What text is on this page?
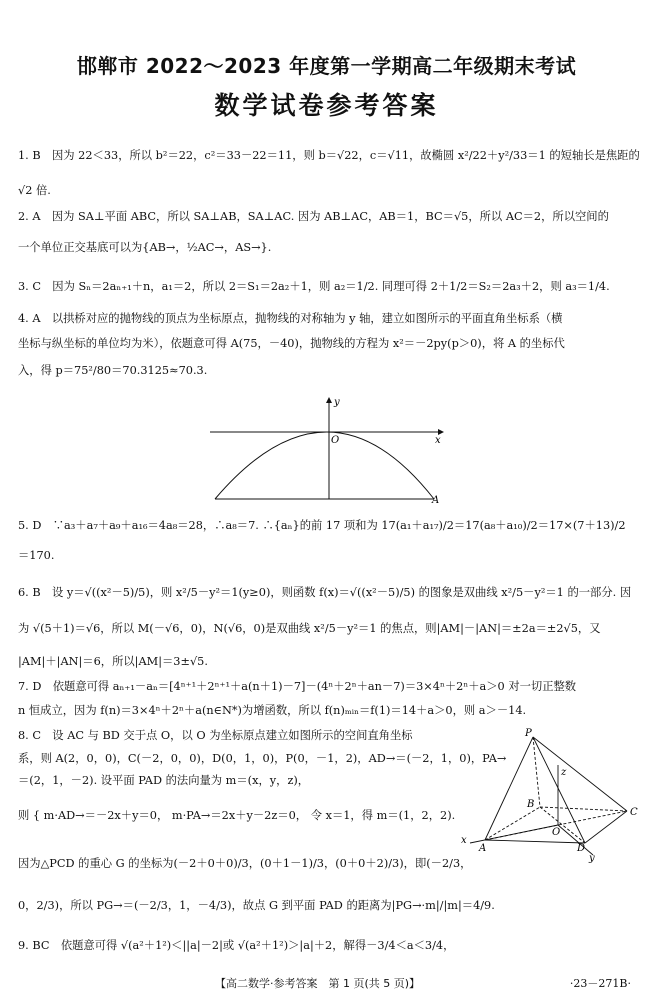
邯郸市 2022～2023 年度第一学期高二年级期末考试
数学试卷参考答案
1. B　因为 22＜33，所以 b²＝22，c²＝33－22＝11，则 b＝√22，c＝√11，故椭圆 x²/22＋y²/33＝1 的短轴长是焦距的
√2 倍.
2. A　因为 SA⊥平面 ABC，所以 SA⊥AB，SA⊥AC. 因为 AB⊥AC，AB＝1，BC＝√5，所以 AC＝2，所以空间的
一个单位正交基底可以为{AB→，½AC→，AS→}.
3. C　因为 Sₙ＝2aₙ₊₁＋n，a₁＝2，所以 2＝S₁＝2a₂＋1，则 a₂＝1/2. 同理可得 2＋1/2＝S₂＝2a₃＋2，则 a₃＝1/4.
4. A　以拱桥对应的抛物线的顶点为坐标原点，抛物线的对称轴为 y 轴，建立如图所示的平面直角坐标系（横
坐标与纵坐标的单位均为米），依题意可得 A(75，－40)，抛物线的方程为 x²＝－2py(p＞0)，将 A 的坐标代
入，得 p＝75²/80＝70.3125≈70.3.
y
x
O
A
5. D　∵a₃＋a₇＋a₉＋a₁₆＝4a₈＝28，∴a₈＝7. ∴{aₙ}的前 17 项和为 17(a₁＋a₁₇)/2＝17(a₈＋a₁₀)/2＝17×(7＋13)/2
＝170.
6. B　设 y＝√((x²－5)/5)，则 x²/5－y²＝1(y≥0)，则函数 f(x)＝√((x²－5)/5) 的图象是双曲线 x²/5－y²＝1 的一部分. 因
为 √(5＋1)＝√6，所以 M(－√6，0)，N(√6，0)是双曲线 x²/5－y²＝1 的焦点，则|AM|－|AN|＝±2a＝±2√5，又
|AM|＋|AN|＝6，所以|AM|＝3±√5.
7. D　依题意可得 aₙ₊₁－aₙ＝[4ⁿ⁺¹＋2ⁿ⁺¹＋a(n＋1)－7]－(4ⁿ＋2ⁿ＋an－7)＝3×4ⁿ＋2ⁿ＋a＞0 对一切正整数
n 恒成立，因为 f(n)＝3×4ⁿ＋2ⁿ＋a(n∈N*)为增函数，所以 f(n)ₘᵢₙ＝f(1)＝14＋a＞0，则 a＞－14.
8. C　设 AC 与 BD 交于点 O，以 O 为坐标原点建立如图所示的空间直角坐标
系，则 A(2，0，0)，C(－2，0，0)，D(0，1，0)，P(0，－1，2)，AD→＝(－2，1，0)，PA→
＝(2，1，－2). 设平面 PAD 的法向量为 m＝(x，y，z)，
则 { m·AD→＝－2x＋y＝0， m·PA→＝2x＋y－2z＝0， 令 x＝1，得 m＝(1，2，2).
因为△PCD 的重心 G 的坐标为(－2＋0＋0)/3，(0＋1－1)/3，(0＋0＋2)/3)，即(－2/3，
0，2/3)，所以 PG→＝(－2/3，1，－4/3)，故点 G 到平面 PAD 的距离为|PG→·m|/|m|＝4/9.
P
z
B
C
O
A	D
x
y
9. BC　依题意可得 √(a²＋1²)＜||a|－2|或 √(a²＋1²)＞|a|＋2，解得－3/4＜a＜3/4，
【高二数学·参考答案　第 1 页(共 5 页)】	·23－271B·
